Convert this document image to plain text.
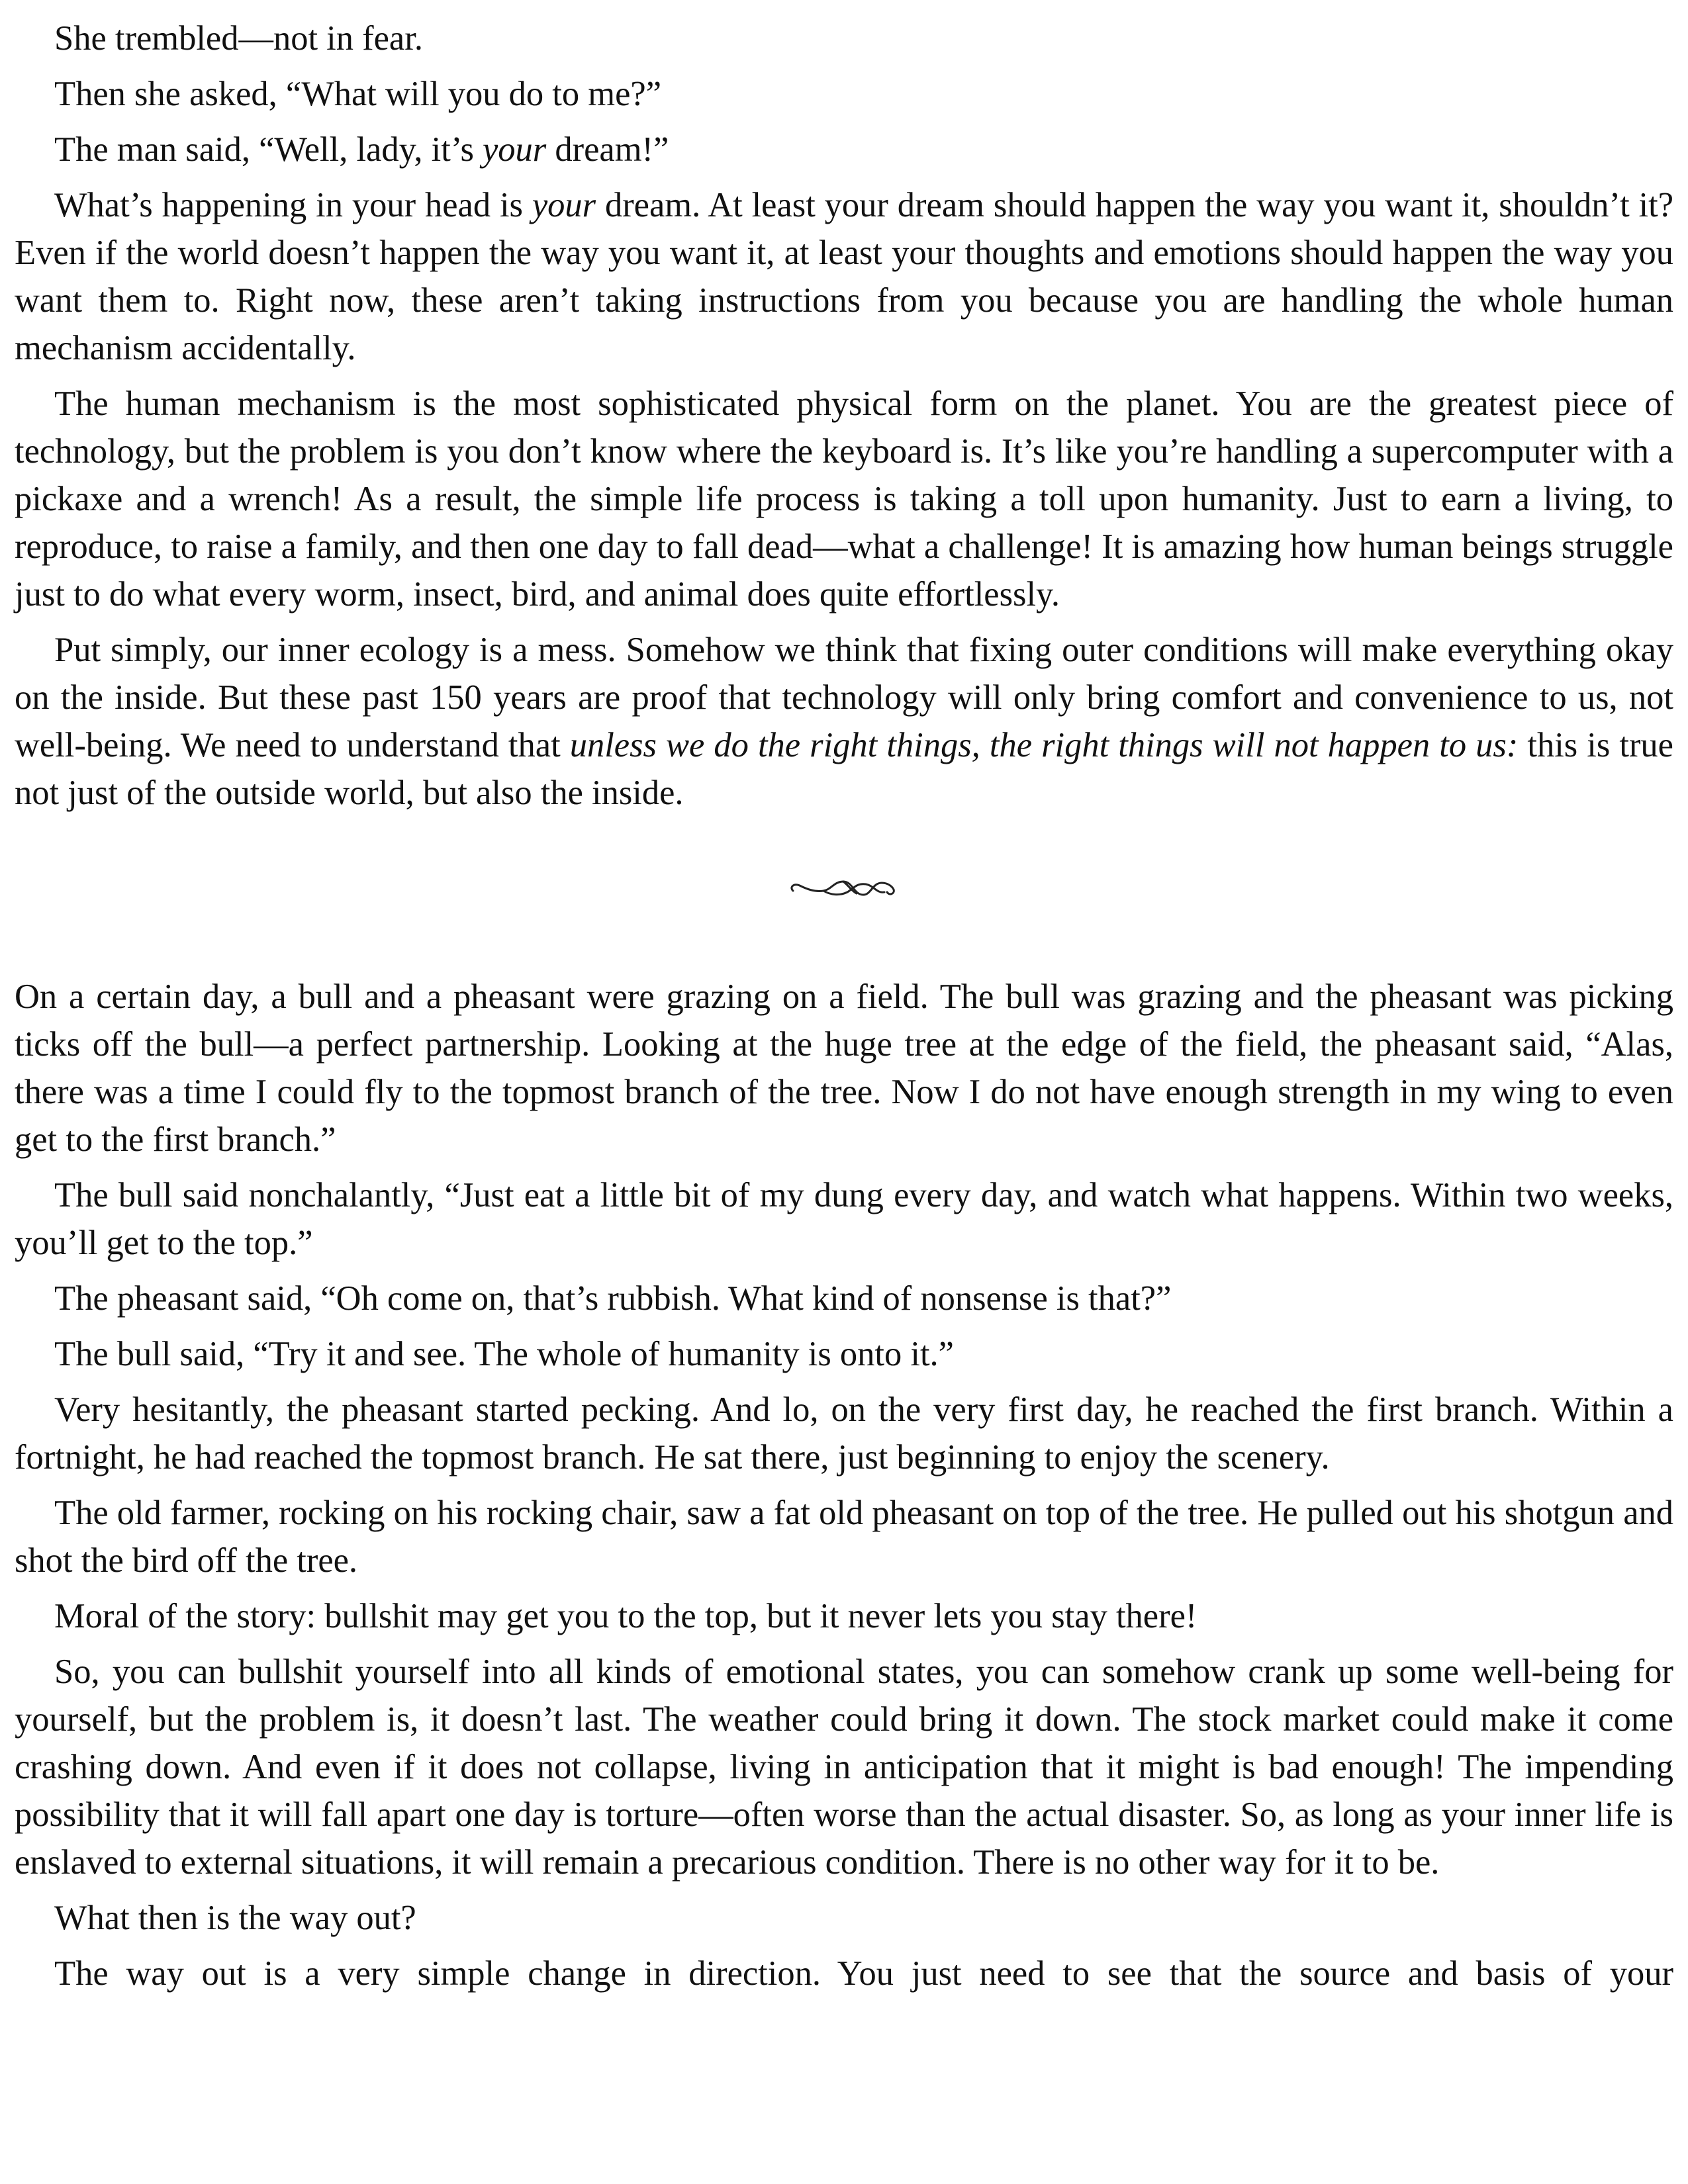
She trembled—not in fear.

Then she asked, “What will you do to me?”

The man said, “Well, lady, it’s your dream!”

What’s happening in your head is your dream. At least your dream should happen the way you want it, shouldn’t it? Even if the world doesn’t happen the way you want it, at least your thoughts and emotions should happen the way you want them to. Right now, these aren’t taking instructions from you because you are handling the whole human mechanism accidentally.

The human mechanism is the most sophisticated physical form on the planet. You are the greatest piece of technology, but the problem is you don’t know where the keyboard is. It’s like you’re handling a supercomputer with a pickaxe and a wrench! As a result, the simple life process is taking a toll upon humanity. Just to earn a living, to reproduce, to raise a family, and then one day to fall dead—what a challenge! It is amazing how human beings struggle just to do what every worm, insect, bird, and animal does quite effortlessly.

Put simply, our inner ecology is a mess. Somehow we think that fixing outer conditions will make everything okay on the inside. But these past 150 years are proof that technology will only bring comfort and convenience to us, not well-being. We need to understand that unless we do the right things, the right things will not happen to us: this is true not just of the outside world, but also the inside.

On a certain day, a bull and a pheasant were grazing on a field. The bull was grazing and the pheasant was picking ticks off the bull—a perfect partnership. Looking at the huge tree at the edge of the field, the pheasant said, “Alas, there was a time I could fly to the topmost branch of the tree. Now I do not have enough strength in my wing to even get to the first branch.”

The bull said nonchalantly, “Just eat a little bit of my dung every day, and watch what happens. Within two weeks, you’ll get to the top.”

The pheasant said, “Oh come on, that’s rubbish. What kind of nonsense is that?”

The bull said, “Try it and see. The whole of humanity is onto it.”

Very hesitantly, the pheasant started pecking. And lo, on the very first day, he reached the first branch. Within a fortnight, he had reached the topmost branch. He sat there, just beginning to enjoy the scenery.

The old farmer, rocking on his rocking chair, saw a fat old pheasant on top of the tree. He pulled out his shotgun and shot the bird off the tree.

Moral of the story: bullshit may get you to the top, but it never lets you stay there!

So, you can bullshit yourself into all kinds of emotional states, you can somehow crank up some well-being for yourself, but the problem is, it doesn’t last. The weather could bring it down. The stock market could make it come crashing down. And even if it does not collapse, living in anticipation that it might is bad enough! The impending possibility that it will fall apart one day is torture—often worse than the actual disaster. So, as long as your inner life is enslaved to external situations, it will remain a precarious condition. There is no other way for it to be.

What then is the way out?

The way out is a very simple change in direction. You just need to see that the source and basis of your
